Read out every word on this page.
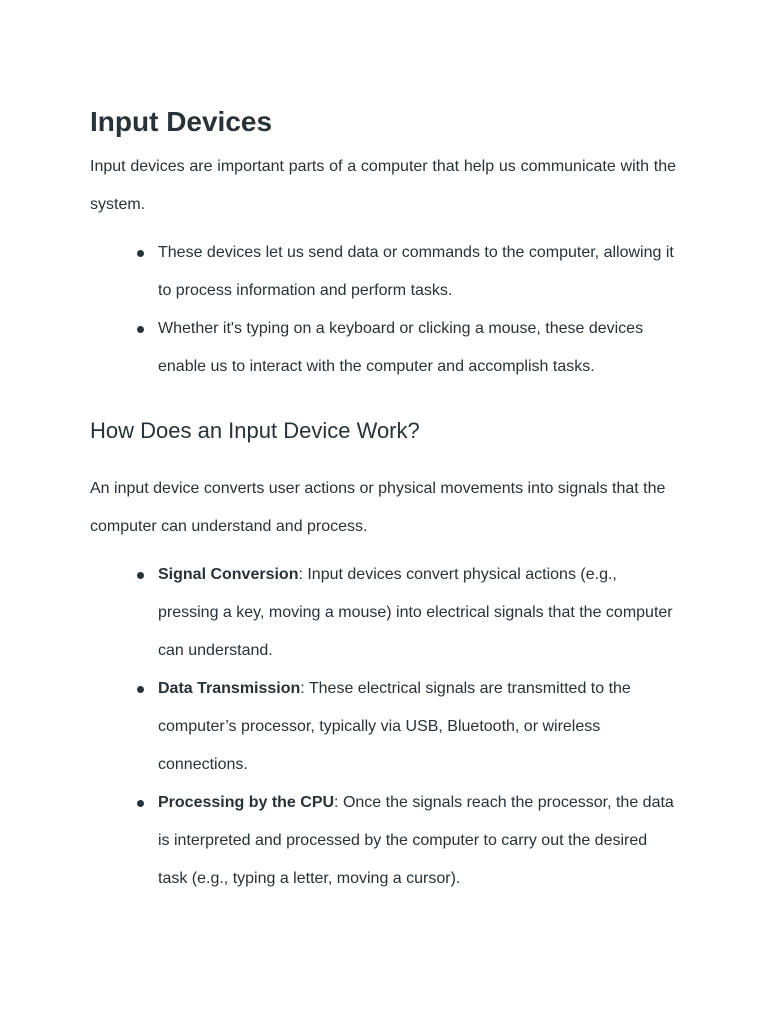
Input Devices

Input devices are important parts of a computer that help us communicate with the system.

These devices let us send data or commands to the computer, allowing it to process information and perform tasks.
Whether it's typing on a keyboard or clicking a mouse, these devices enable us to interact with the computer and accomplish tasks.
How Does an Input Device Work?

An input device converts user actions or physical movements into signals that the computer can understand and process.

Signal Conversion: Input devices convert physical actions (e.g., pressing a key, moving a mouse) into electrical signals that the computer can understand.
Data Transmission: These electrical signals are transmitted to the computer’s processor, typically via USB, Bluetooth, or wireless connections.
Processing by the CPU: Once the signals reach the processor, the data is interpreted and processed by the computer to carry out the desired task (e.g., typing a letter, moving a cursor).
